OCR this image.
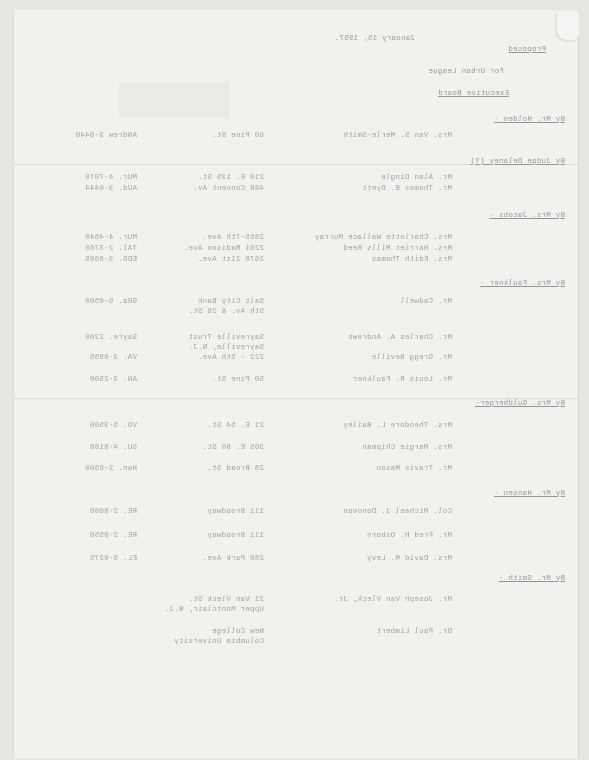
January 15, 1957.
Proposed
for Urban League
Executive Board
By Mr. Holden -
Mrs. Van S. Merle-Smith
60 Pine St.
ANdrew 3-0440
By Judge Delaney (?)
Mr. Alan Dingle
210 E. 135 St.
MUr. 4-7070
Mr. Thomas B. Dyett
488 Convent Av.
AUd. 3-0444
By Mrs. Jacobs -
Mrs. Charlotte Wallace Murray
2865-7th Ave.
MUr. 4-4640
Mrs. Harriet Mills Reed
2261 Madison Ave.
TAl. 2-3760
Mrs. Edith Thomas
2670 21st Ave.
EDG. 3-8605
By Mrs. Faulkner -
Mr. Cadwell
Salt City Bank
5th Av. & 26 St.
GRa. 5-0500
Mr. Charles A. Andrews
Sayreville Trust
Sayreville, N.J.
Sayre. 2200
Mr. Gregg Neville
222 - 5th Ave.
VA. 3-0955
Mr. Louis R. Faulkner
50 Pine St.
AN. 3-2500
By Mrs. Guldberger-
Mrs. Theodore L. Bailey
21 E. 54 St.
VO. 5-3500
Mrs. Margie Chipman
305 E. 86 St.
SU. 4-8188
Mr. Travis Mason
28 Broad St.
Han. 2-6500
By Mr. Hansen -
Col. Michael J. Donovan
111 Broadway
RE. 2-8080
Mr. Fred H. Osborn
111 Broadway
RE. 2-0550
Mrs. David M. Levy
280 Park Ave.
EL. 5-0275
By Mr. Smith -
Mr. Joseph Van Vleck, Jr.
21 Van Vleck St.
Upper Montclair, N.J.
Dr. Paul Limbert
New College
Columbia University
